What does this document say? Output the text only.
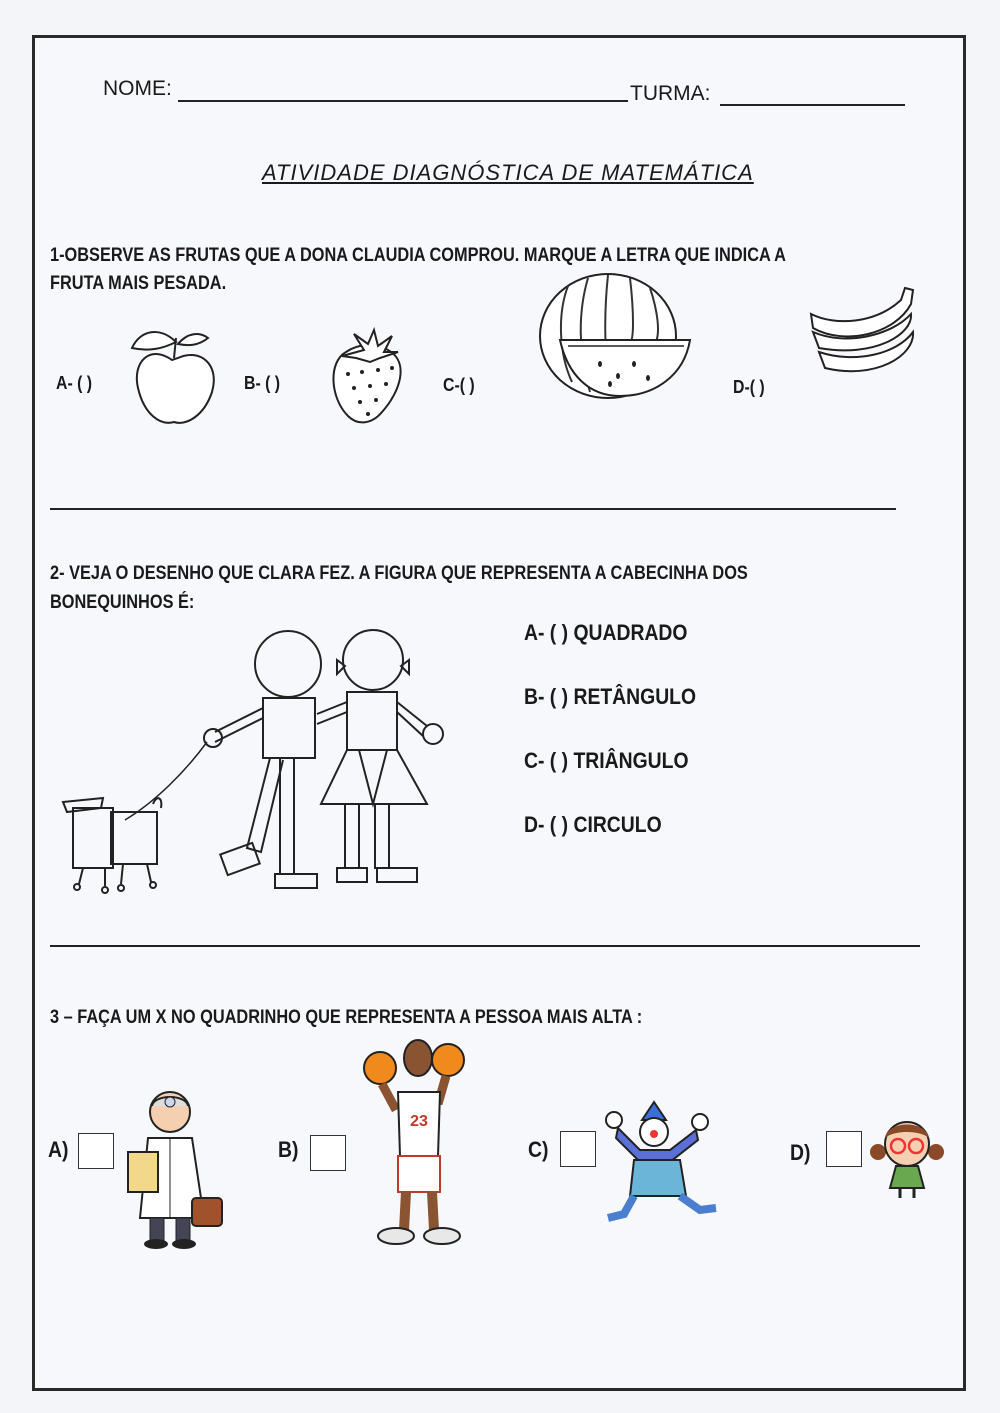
NOME:	TURMA:
ATIVIDADE DIAGNÓSTICA DE MATEMÁTICA
1-OBSERVE AS FRUTAS QUE A DONA CLAUDIA COMPROU. MARQUE A LETRA QUE INDICA A
FRUTA MAIS PESADA.
A- ( )	B- ( )	C-( )	D-( )
2- VEJA O DESENHO QUE CLARA FEZ. A FIGURA QUE REPRESENTA A CABECINHA DOS
BONEQUINHOS É:
A- ( ) QUADRADO
B- ( ) RETÂNGULO
C- ( ) TRIÂNGULO
D- ( ) CIRCULO
3 – FAÇA UM X NO QUADRINHO QUE REPRESENTA A PESSOA MAIS ALTA :
A)	B)	C)	D)
23
